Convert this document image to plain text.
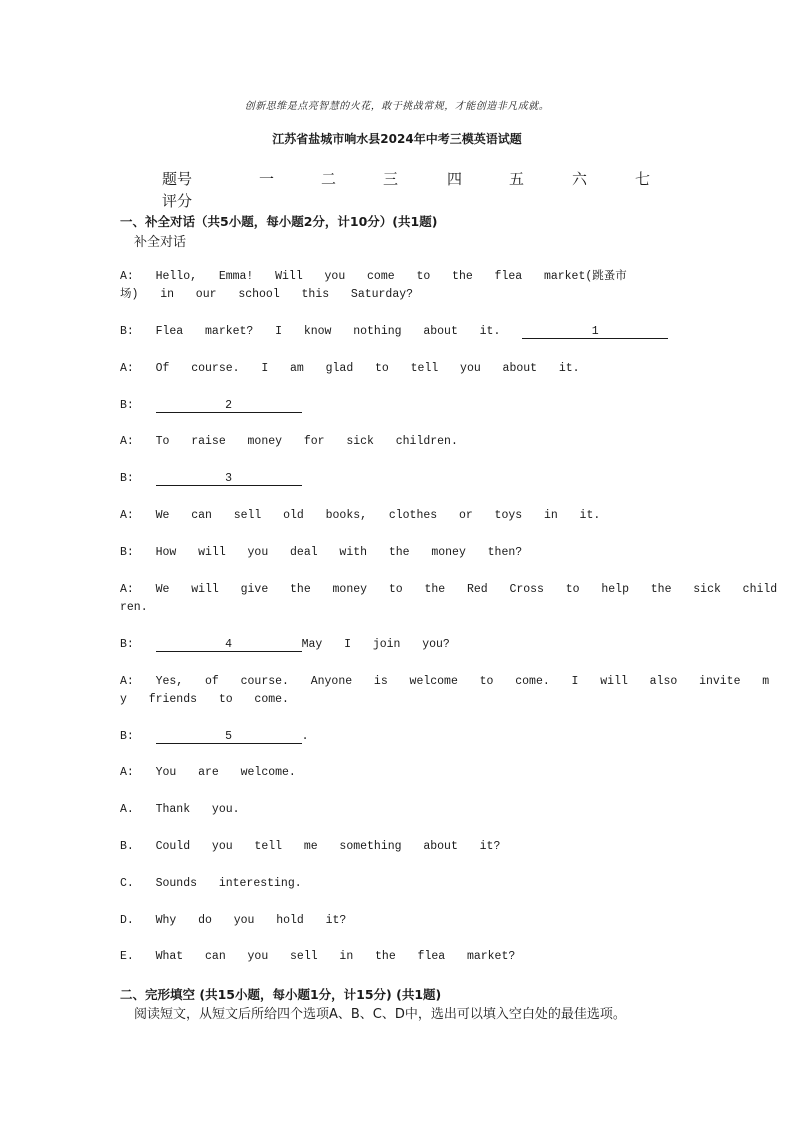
创新思维是点亮智慧的火花，敢于挑战常规，才能创造非凡成就。
江苏省盐城市响水县2024年中考三模英语试题
题号	一	二	三	四	五	六	七
评分
一、补全对话（共5小题，每小题2分，计10分）(共1题)
补全对话
A:  Hello,  Emma!  Will  you  come  to  the  flea  market(跳蚤市
场)  in  our  school  this  Saturday?
B:  Flea  market?  I  know  nothing  about  it.	1
A:  Of  course.  I  am  glad  to  tell  you  about  it.
B:	2
A:  To  raise  money  for  sick  children.
B:	3
A:  We  can  sell  old  books,  clothes  or  toys  in  it.
B:  How  will  you  deal  with  the  money  then?
A:  We  will  give  the  money  to  the  Red  Cross  to  help  the  sick  child
ren.
B:	4	May  I  join  you?
A:  Yes,  of  course.  Anyone  is  welcome  to  come.  I  will  also  invite  m
y  friends  to  come.
B:	5	.
A:  You  are  welcome.
A.  Thank  you.
B.  Could  you  tell  me  something  about  it?
C.  Sounds  interesting.
D.  Why  do  you  hold  it?
E.  What  can  you  sell  in  the  flea  market?
二、完形填空 (共15小题，每小题1分，计15分) (共1题)
阅读短文，从短文后所给四个选项A、B、C、D中，选出可以填入空白处的最佳选项。
